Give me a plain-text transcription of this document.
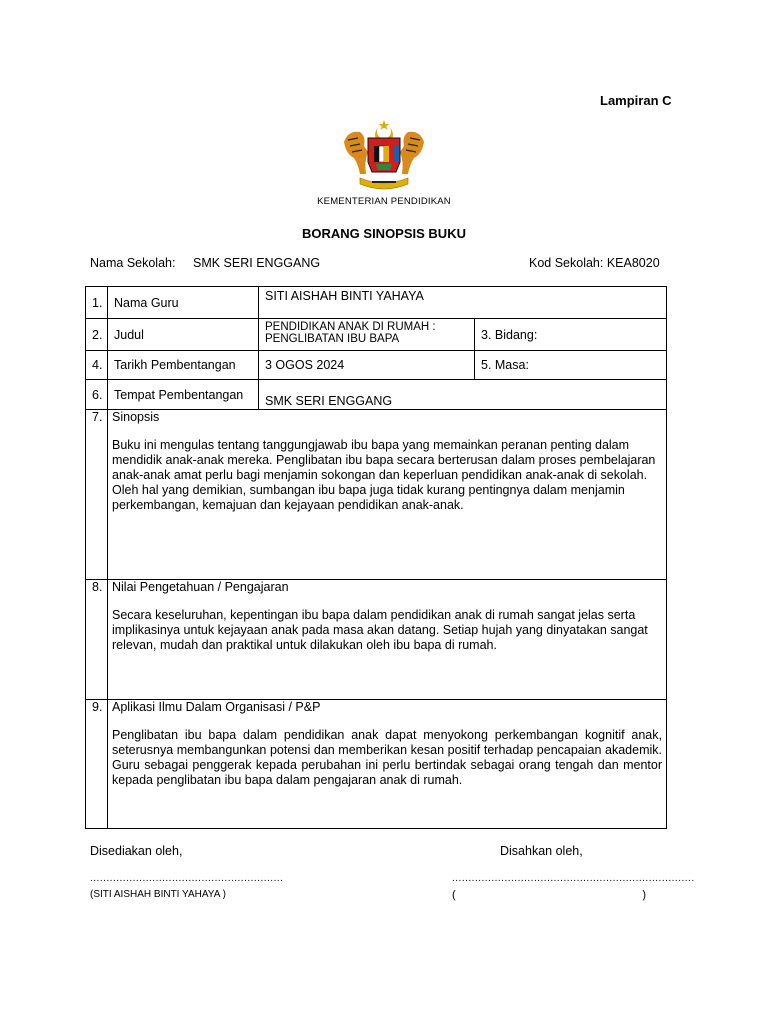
Lampiran C
KEMENTERIAN PENDIDIKAN
BORANG SINOPSIS BUKU
Nama Sekolah: SMK SERI ENGGANG	Kod Sekolah: KEA8020
1.	Nama Guru	SITI AISHAH BINTI YAHAYA	
2.	Judul	PENDIDIKAN ANAK DI RUMAH : PENGLIBATAN IBU BAPA	3. Bidang:
4.	Tarikh Pembentangan	3 OGOS 2024	5. Masa:
6.	Tempat Pembentangan	SMK SERI ENGGANG	
7.	Sinopsis
Buku ini mengulas tentang tanggungjawab ibu bapa yang memainkan peranan penting dalam mendidik anak-anak mereka. Penglibatan ibu bapa secara berterusan dalam proses pembelajaran anak-anak amat perlu bagi menjamin sokongan dan keperluan pendidikan anak-anak di sekolah. Oleh hal yang demikian, sumbangan ibu bapa juga tidak kurang pentingnya dalam menjamin perkembangan, kemajuan dan kejayaan pendidikan anak-anak.		

8.	Nilai Pengetahuan / Pengajaran
Secara keseluruhan, kepentingan ibu bapa dalam pendidikan anak di rumah sangat jelas serta implikasinya untuk kejayaan anak pada masa akan datang. Setiap hujah yang dinyatakan sangat relevan, mudah dan praktikal untuk dilakukan oleh ibu bapa di rumah.		

9.	Aplikasi Ilmu Dalam Organisasi / P&P
Penglibatan ibu bapa dalam pendidikan anak dapat menyokong perkembangan kognitif anak, seterusnya membangunkan potensi dan memberikan kesan positif terhadap pencapaian akademik. Guru sebagai penggerak kepada perubahan ini perlu bertindak sebagai orang tengah dan mentor kepada penglibatan ibu bapa dalam pengajaran anak di rumah.		
Disediakan oleh,	Disahkan oleh,
...........................................................	..........................................................................
(SITI AISHAH BINTI YAHAYA )	(	)
